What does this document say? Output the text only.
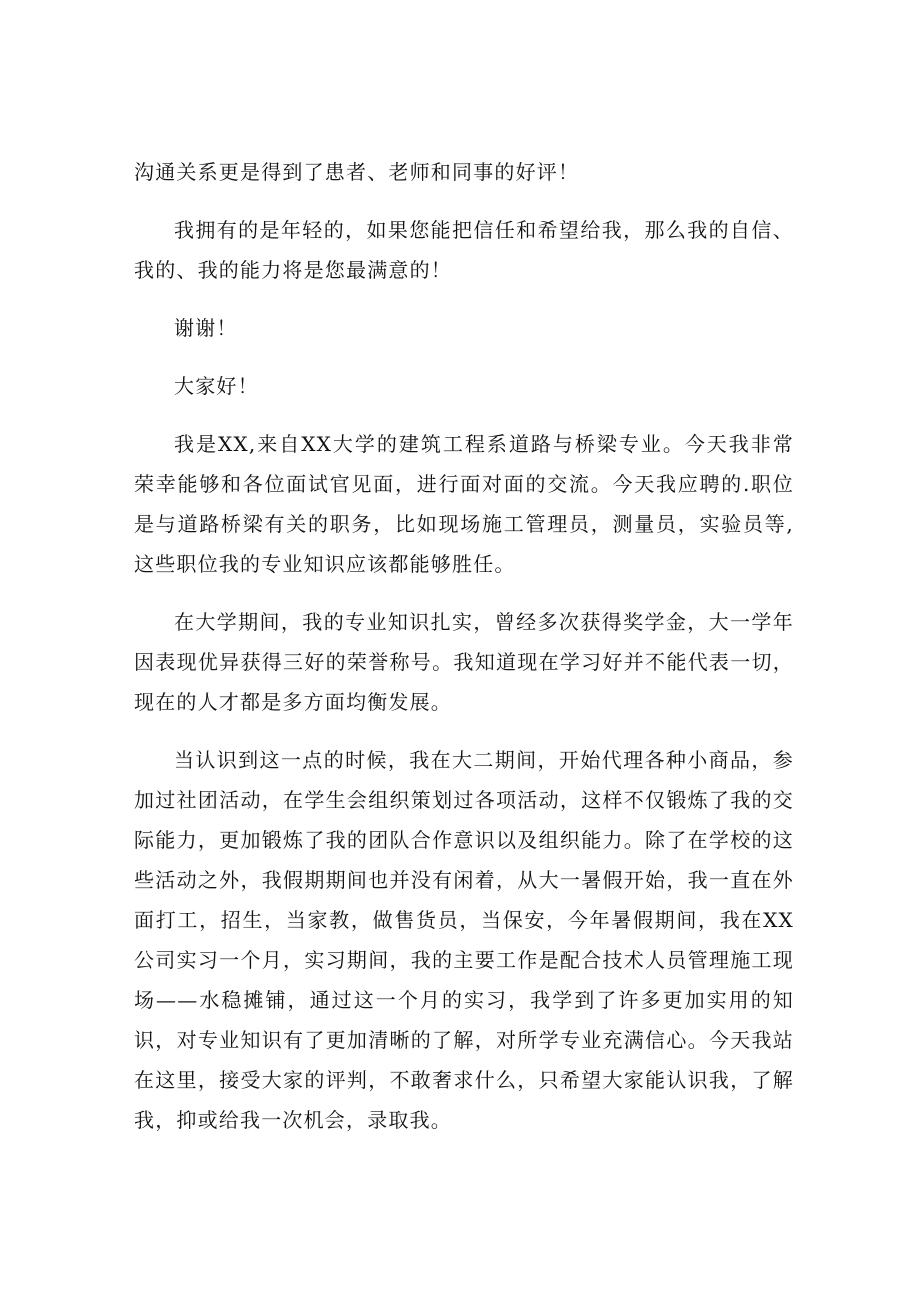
沟通关系更是得到了患者、老师和同事的好评！

我拥有的是年轻的，如果您能把信任和希望给我，那么我的自信、我的、我的能力将是您最满意的！

谢谢！

大家好！

我是XX,来自XX大学的建筑工程系道路与桥梁专业。今天我非常荣幸能够和各位面试官见面，进行面对面的交流。今天我应聘的.职位是与道路桥梁有关的职务，比如现场施工管理员，测量员，实验员等,这些职位我的专业知识应该都能够胜任。

在大学期间，我的专业知识扎实，曾经多次获得奖学金，大一学年因表现优异获得三好的荣誉称号。我知道现在学习好并不能代表一切，现在的人才都是多方面均衡发展。

当认识到这一点的时候，我在大二期间，开始代理各种小商品，参加过社团活动，在学生会组织策划过各项活动，这样不仅锻炼了我的交际能力，更加锻炼了我的团队合作意识以及组织能力。除了在学校的这些活动之外，我假期期间也并没有闲着，从大一暑假开始，我一直在外面打工，招生，当家教，做售货员，当保安，今年暑假期间，我在XX公司实习一个月，实习期间，我的主要工作是配合技术人员管理施工现场——水稳摊铺，通过这一个月的实习，我学到了许多更加实用的知识，对专业知识有了更加清晰的了解，对所学专业充满信心。今天我站在这里，接受大家的评判，不敢奢求什么，只希望大家能认识我，了解我，抑或给我一次机会，录取我。
